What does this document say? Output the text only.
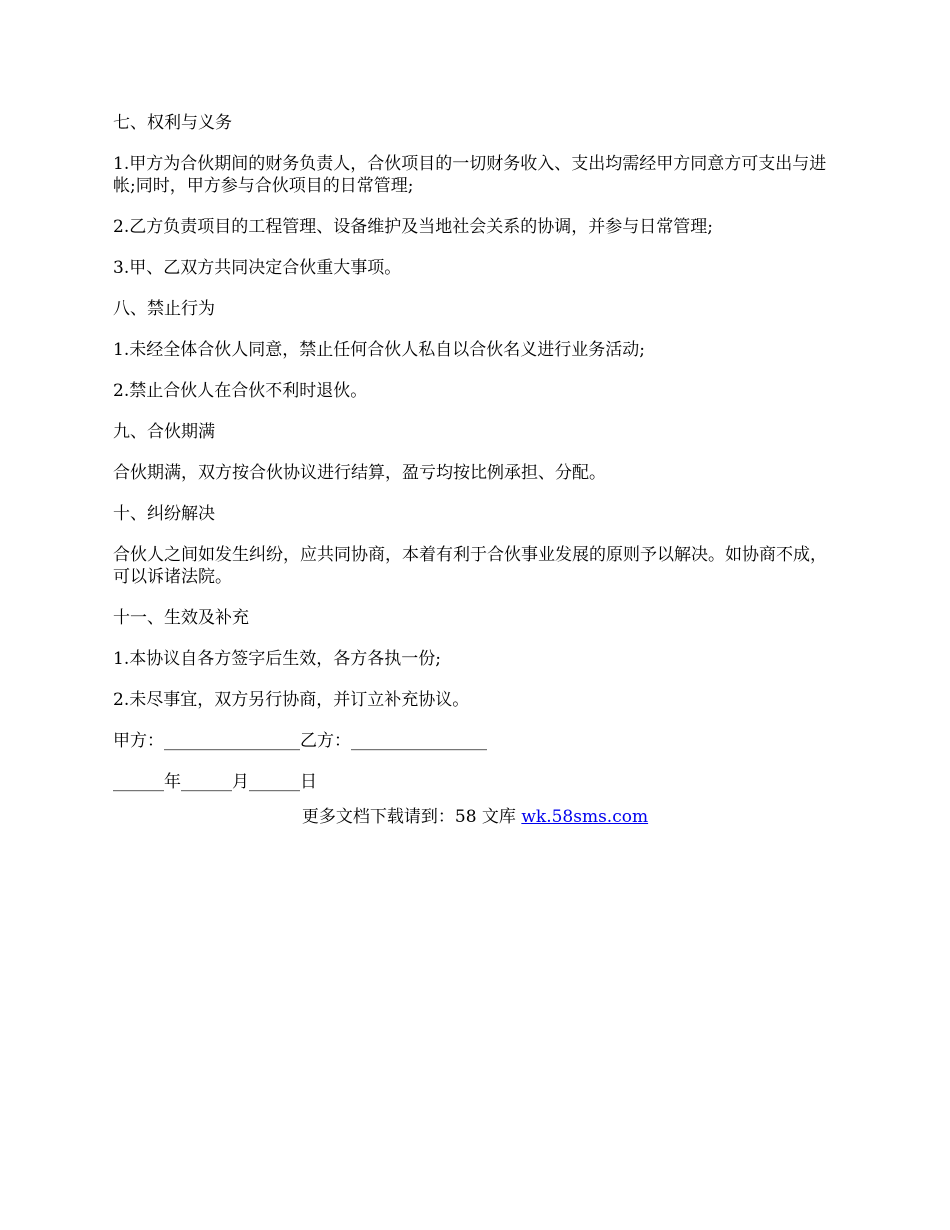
七、权利与义务

1.甲方为合伙期间的财务负责人，合伙项目的一切财务收入、支出均需经甲方同意方可支出与进帐;同时，甲方参与合伙项目的日常管理;

2.乙方负责项目的工程管理、设备维护及当地社会关系的协调，并参与日常管理;

3.甲、乙双方共同决定合伙重大事项。

八、禁止行为

1.未经全体合伙人同意，禁止任何合伙人私自以合伙名义进行业务活动;

2.禁止合伙人在合伙不利时退伙。

九、合伙期满

合伙期满，双方按合伙协议进行结算，盈亏均按比例承担、分配。

十、纠纷解决

合伙人之间如发生纠纷，应共同协商，本着有利于合伙事业发展的原则予以解决。如协商不成，可以诉诸法院。

十一、生效及补充

1.本协议自各方签字后生效，各方各执一份;

2.未尽事宜，双方另行协商，并订立补充协议。

甲方：________________乙方：________________

______年______月______日

更多文档下载请到：58 文库 wk.58sms.com
